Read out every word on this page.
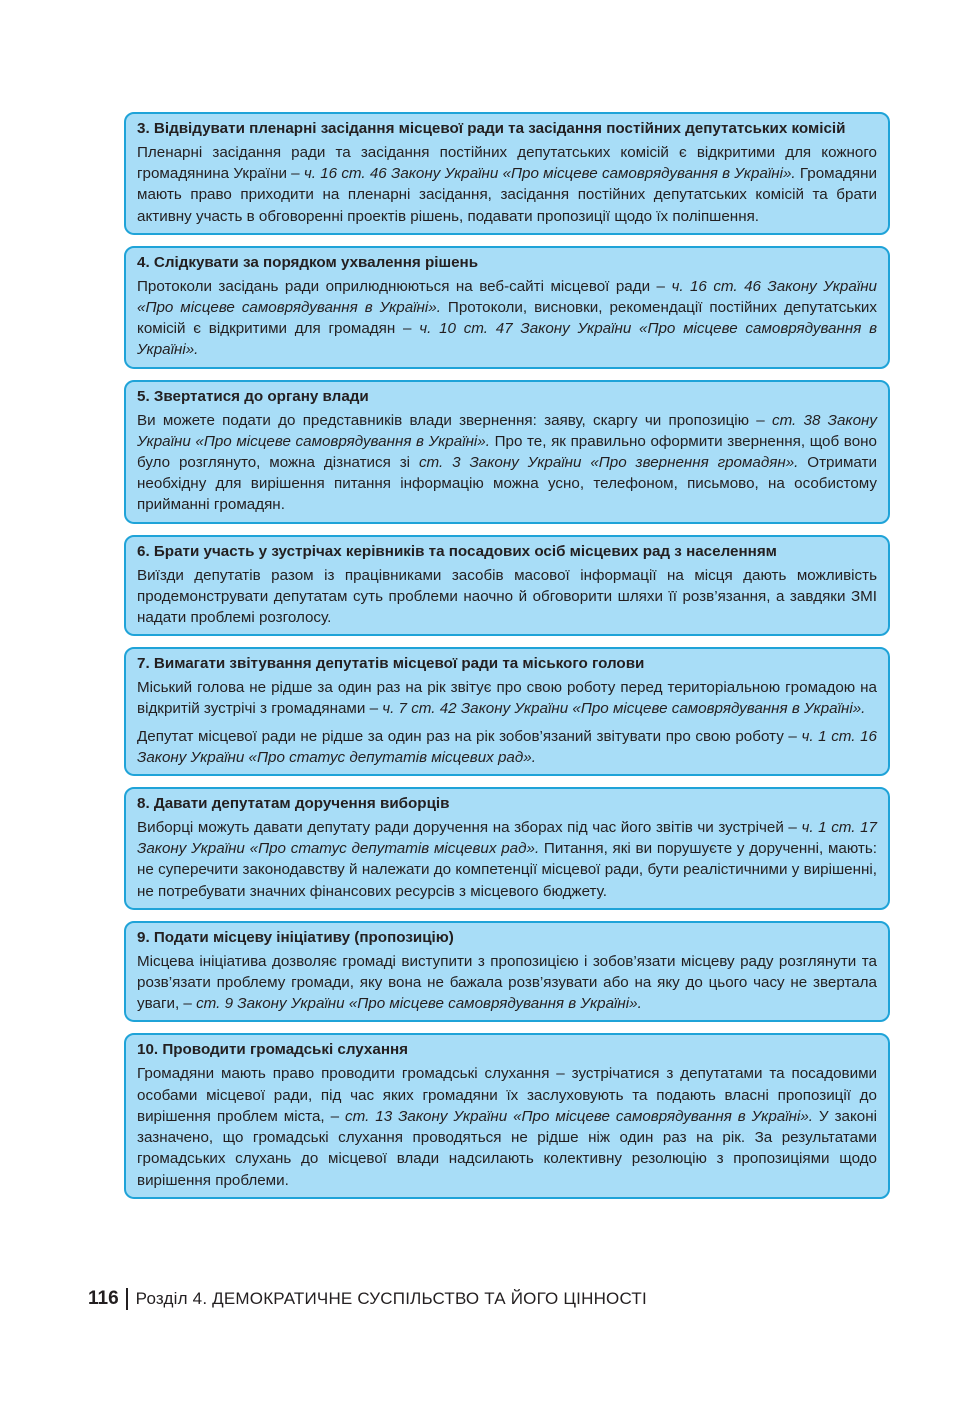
3. Відвідувати пленарні засідання місцевої ради та засідання постійних депутатських комісій

Пленарні засідання ради та засідання постійних депутатських комісій є відкритими для кожного громадянина України – ч. 16 ст. 46 Закону України «Про місцеве самоврядування в Україні». Громадяни мають право приходити на пленарні засідання, засідання постійних депутатських комісій та брати активну участь в обговоренні проектів рішень, подавати пропозиції щодо їх поліпшення.

4. Слідкувати за порядком ухвалення рішень

Протоколи засідань ради оприлюднюються на веб-сайті місцевої ради – ч. 16 ст. 46 Закону України «Про місцеве самоврядування в Україні». Протоколи, висновки, рекомендації постійних депутатських комісій є відкритими для громадян – ч. 10 ст. 47 Закону України «Про місцеве самоврядування в Україні».

5. Звертатися до органу влади

Ви можете подати до представників влади звернення: заяву, скаргу чи пропозицію – ст. 38 Закону України «Про місцеве самоврядування в Україні». Про те, як правильно оформити звернення, щоб воно було розглянуто, можна дізнатися зі ст. 3 Закону України «Про звернення громадян». Отримати необхідну для вирішення питання інформацію можна усно, телефоном, письмово, на особистому прийманні громадян.

6. Брати участь у зустрічах керівників та посадових осіб місцевих рад з населенням

Виїзди депутатів разом із працівниками засобів масової інформації на місця дають можливість продемонструвати депутатам суть проблеми наочно й обговорити шляхи її розв’язання, а завдяки ЗМІ надати проблемі розголосу.

7. Вимагати звітування депутатів місцевої ради та міського голови

Міський голова не рідше за один раз на рік звітує про свою роботу перед територіальною громадою на відкритій зустрічі з громадянами – ч. 7 ст. 42 Закону України «Про місцеве самоврядування в Україні».

Депутат місцевої ради не рідше за один раз на рік зобов’язаний звітувати про свою роботу – ч. 1 ст. 16 Закону України «Про статус депутатів місцевих рад».

8. Давати депутатам доручення виборців

Виборці можуть давати депутату ради доручення на зборах під час його звітів чи зустрічей – ч. 1 ст. 17 Закону України «Про статус депутатів місцевих рад». Питання, які ви порушуєте у дорученні, мають: не суперечити законодавству й належати до компетенції місцевої ради, бути реалістичними у вирішенні, не потребувати значних фінансових ресурсів з місцевого бюджету.

9. Подати місцеву ініціативу (пропозицію)

Місцева ініціатива дозволяє громаді виступити з пропозицією і зобов’язати місцеву раду розглянути та розв’язати проблему громади, яку вона не бажала розв’язувати або на яку до цього часу не звертала уваги, – ст. 9 Закону України «Про місцеве самоврядування в Україні».

10. Проводити громадські слухання

Громадяни мають право проводити громадські слухання – зустрічатися з депутатами та посадовими особами місцевої ради, під час яких громадяни їх заслуховують та подають власні пропозиції до вирішення проблем міста, – ст. 13 Закону України «Про місцеве самоврядування в Україні». У законі зазначено, що громадські слухання проводяться не рідше ніж один раз на рік. За результатами громадських слухань до місцевої влади надсилають колективну резолюцію з пропозиціями щодо вирішення проблеми.

116 Розділ 4. ДЕМОКРАТИЧНЕ СУСПІЛЬСТВО ТА ЙОГО ЦІННОСТІ
